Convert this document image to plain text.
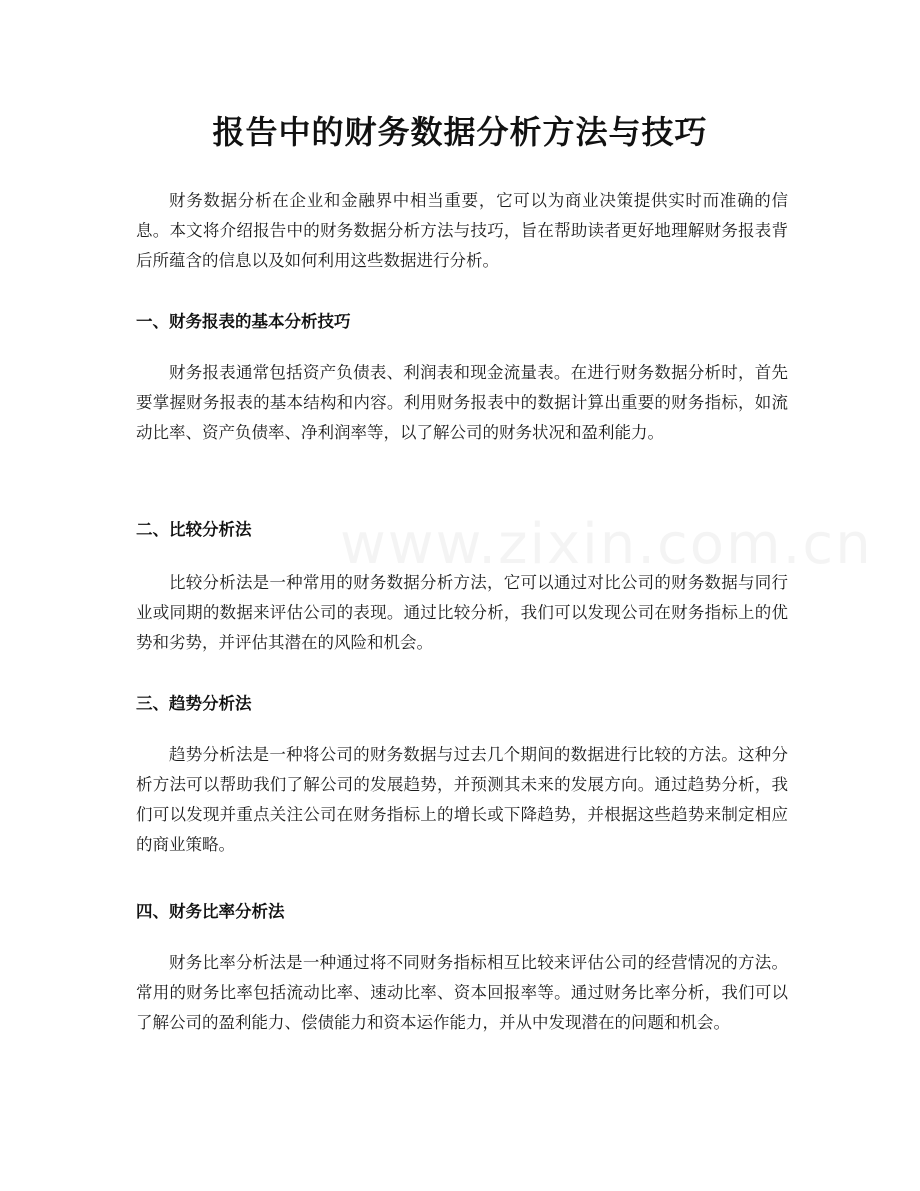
报告中的财务数据分析方法与技巧

财务数据分析在企业和金融界中相当重要，它可以为商业决策提供实时而准确的信息。本文将介绍报告中的财务数据分析方法与技巧，旨在帮助读者更好地理解财务报表背后所蕴含的信息以及如何利用这些数据进行分析。

一、财务报表的基本分析技巧

财务报表通常包括资产负债表、利润表和现金流量表。在进行财务数据分析时，首先要掌握财务报表的基本结构和内容。利用财务报表中的数据计算出重要的财务指标，如流动比率、资产负债率、净利润率等，以了解公司的财务状况和盈利能力。

二、比较分析法

比较分析法是一种常用的财务数据分析方法，它可以通过对比公司的财务数据与同行业或同期的数据来评估公司的表现。通过比较分析，我们可以发现公司在财务指标上的优势和劣势，并评估其潜在的风险和机会。

三、趋势分析法

趋势分析法是一种将公司的财务数据与过去几个期间的数据进行比较的方法。这种分析方法可以帮助我们了解公司的发展趋势，并预测其未来的发展方向。通过趋势分析，我们可以发现并重点关注公司在财务指标上的增长或下降趋势，并根据这些趋势来制定相应的商业策略。

四、财务比率分析法

财务比率分析法是一种通过将不同财务指标相互比较来评估公司的经营情况的方法。常用的财务比率包括流动比率、速动比率、资本回报率等。通过财务比率分析，我们可以了解公司的盈利能力、偿债能力和资本运作能力，并从中发现潜在的问题和机会。
